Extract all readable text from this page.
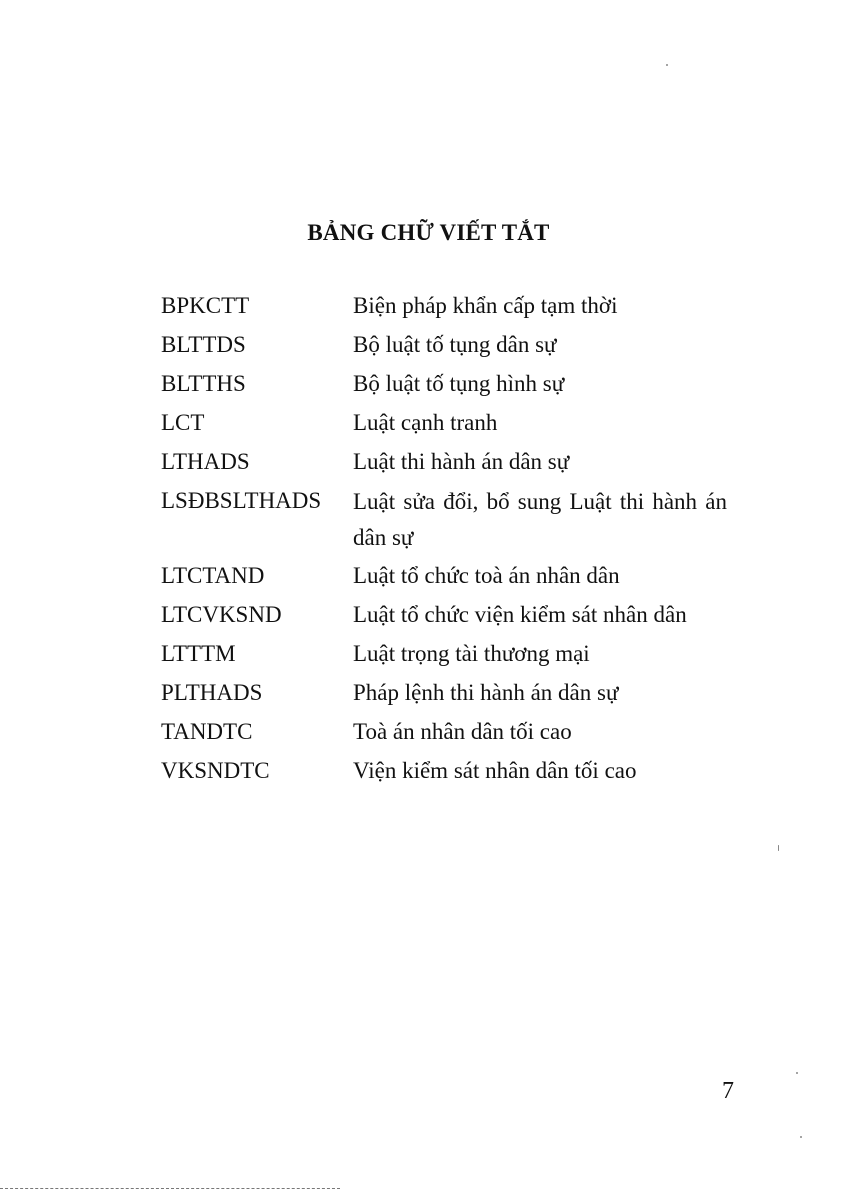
BẢNG CHỮ VIẾT TẮT
BPKCTT	Biện pháp khẩn cấp tạm thời
BLTTDS	Bộ luật tố tụng dân sự
BLTTHS	Bộ luật tố tụng hình sự
LCT	Luật cạnh tranh
LTHADS	Luật thi hành án dân sự
LSĐBSLTHADS Luật sửa đổi, bổ sung Luật thi hành án dân sự
LTCTAND	Luật tổ chức toà án nhân dân
LTCVKSND	Luật tổ chức viện kiểm sát nhân dân
LTTTM	Luật trọng tài thương mại
PLTHADS	Pháp lệnh thi hành án dân sự
TANDTC	Toà án nhân dân tối cao
VKSNDTC	Viện kiểm sát nhân dân tối cao
7
